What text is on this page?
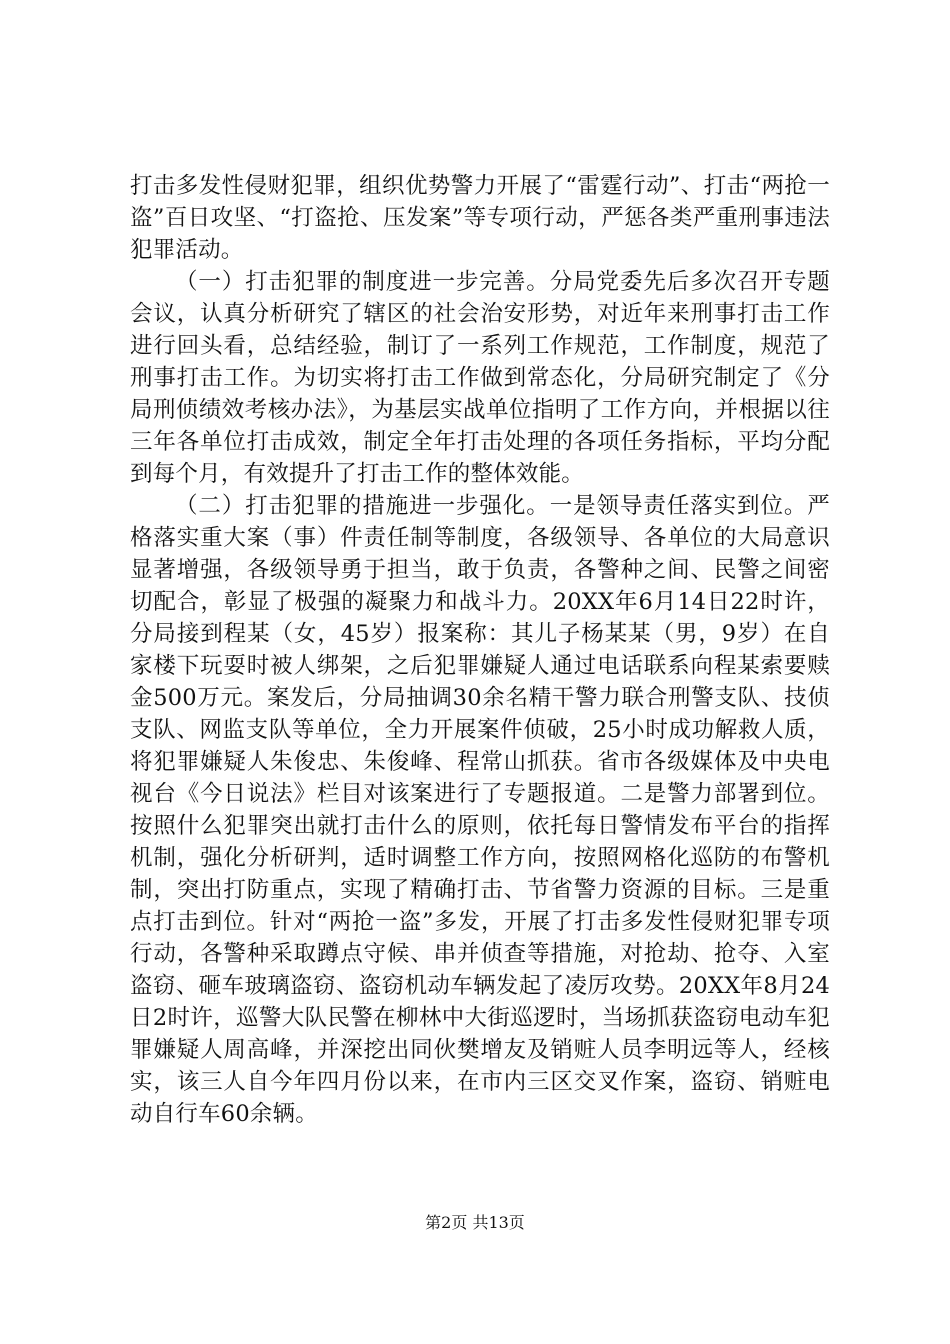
打击多发性侵财犯罪，组织优势警力开展了“雷霆行动”、打击“两抢一盗”百日攻坚、“打盗抢、压发案”等专项行动，严惩各类严重刑事违法犯罪活动。

（一）打击犯罪的制度进一步完善。分局党委先后多次召开专题会议，认真分析研究了辖区的社会治安形势，对近年来刑事打击工作进行回头看，总结经验，制订了一系列工作规范，工作制度，规范了刑事打击工作。为切实将打击工作做到常态化，分局研究制定了《分局刑侦绩效考核办法》，为基层实战单位指明了工作方向，并根据以往三年各单位打击成效，制定全年打击处理的各项任务指标，平均分配到每个月，有效提升了打击工作的整体效能。

（二）打击犯罪的措施进一步强化。一是领导责任落实到位。严格落实重大案（事）件责任制等制度，各级领导、各单位的大局意识显著增强，各级领导勇于担当，敢于负责，各警种之间、民警之间密切配合，彰显了极强的凝聚力和战斗力。20XX年6月14日22时许，分局接到程某（女，45岁）报案称：其儿子杨某某（男，9岁）在自家楼下玩耍时被人绑架，之后犯罪嫌疑人通过电话联系向程某索要赎金500万元。案发后，分局抽调30余名精干警力联合刑警支队、技侦支队、网监支队等单位，全力开展案件侦破，25小时成功解救人质，将犯罪嫌疑人朱俊忠、朱俊峰、程常山抓获。省市各级媒体及中央电视台《今日说法》栏目对该案进行了专题报道。二是警力部署到位。按照什么犯罪突出就打击什么的原则，依托每日警情发布平台的指挥机制，强化分析研判，适时调整工作方向，按照网格化巡防的布警机制，突出打防重点，实现了精确打击、节省警力资源的目标。三是重点打击到位。针对“两抢一盗”多发，开展了打击多发性侵财犯罪专项行动，各警种采取蹲点守候、串并侦查等措施，对抢劫、抢夺、入室盗窃、砸车玻璃盗窃、盗窃机动车辆发起了凌厉攻势。20XX年8月24日2时许，巡警大队民警在柳林中大街巡逻时，当场抓获盗窃电动车犯罪嫌疑人周高峰，并深挖出同伙樊增友及销赃人员李明远等人，经核实，该三人自今年四月份以来，在市内三区交叉作案，盗窃、销赃电动自行车60余辆。

第2页 共13页
